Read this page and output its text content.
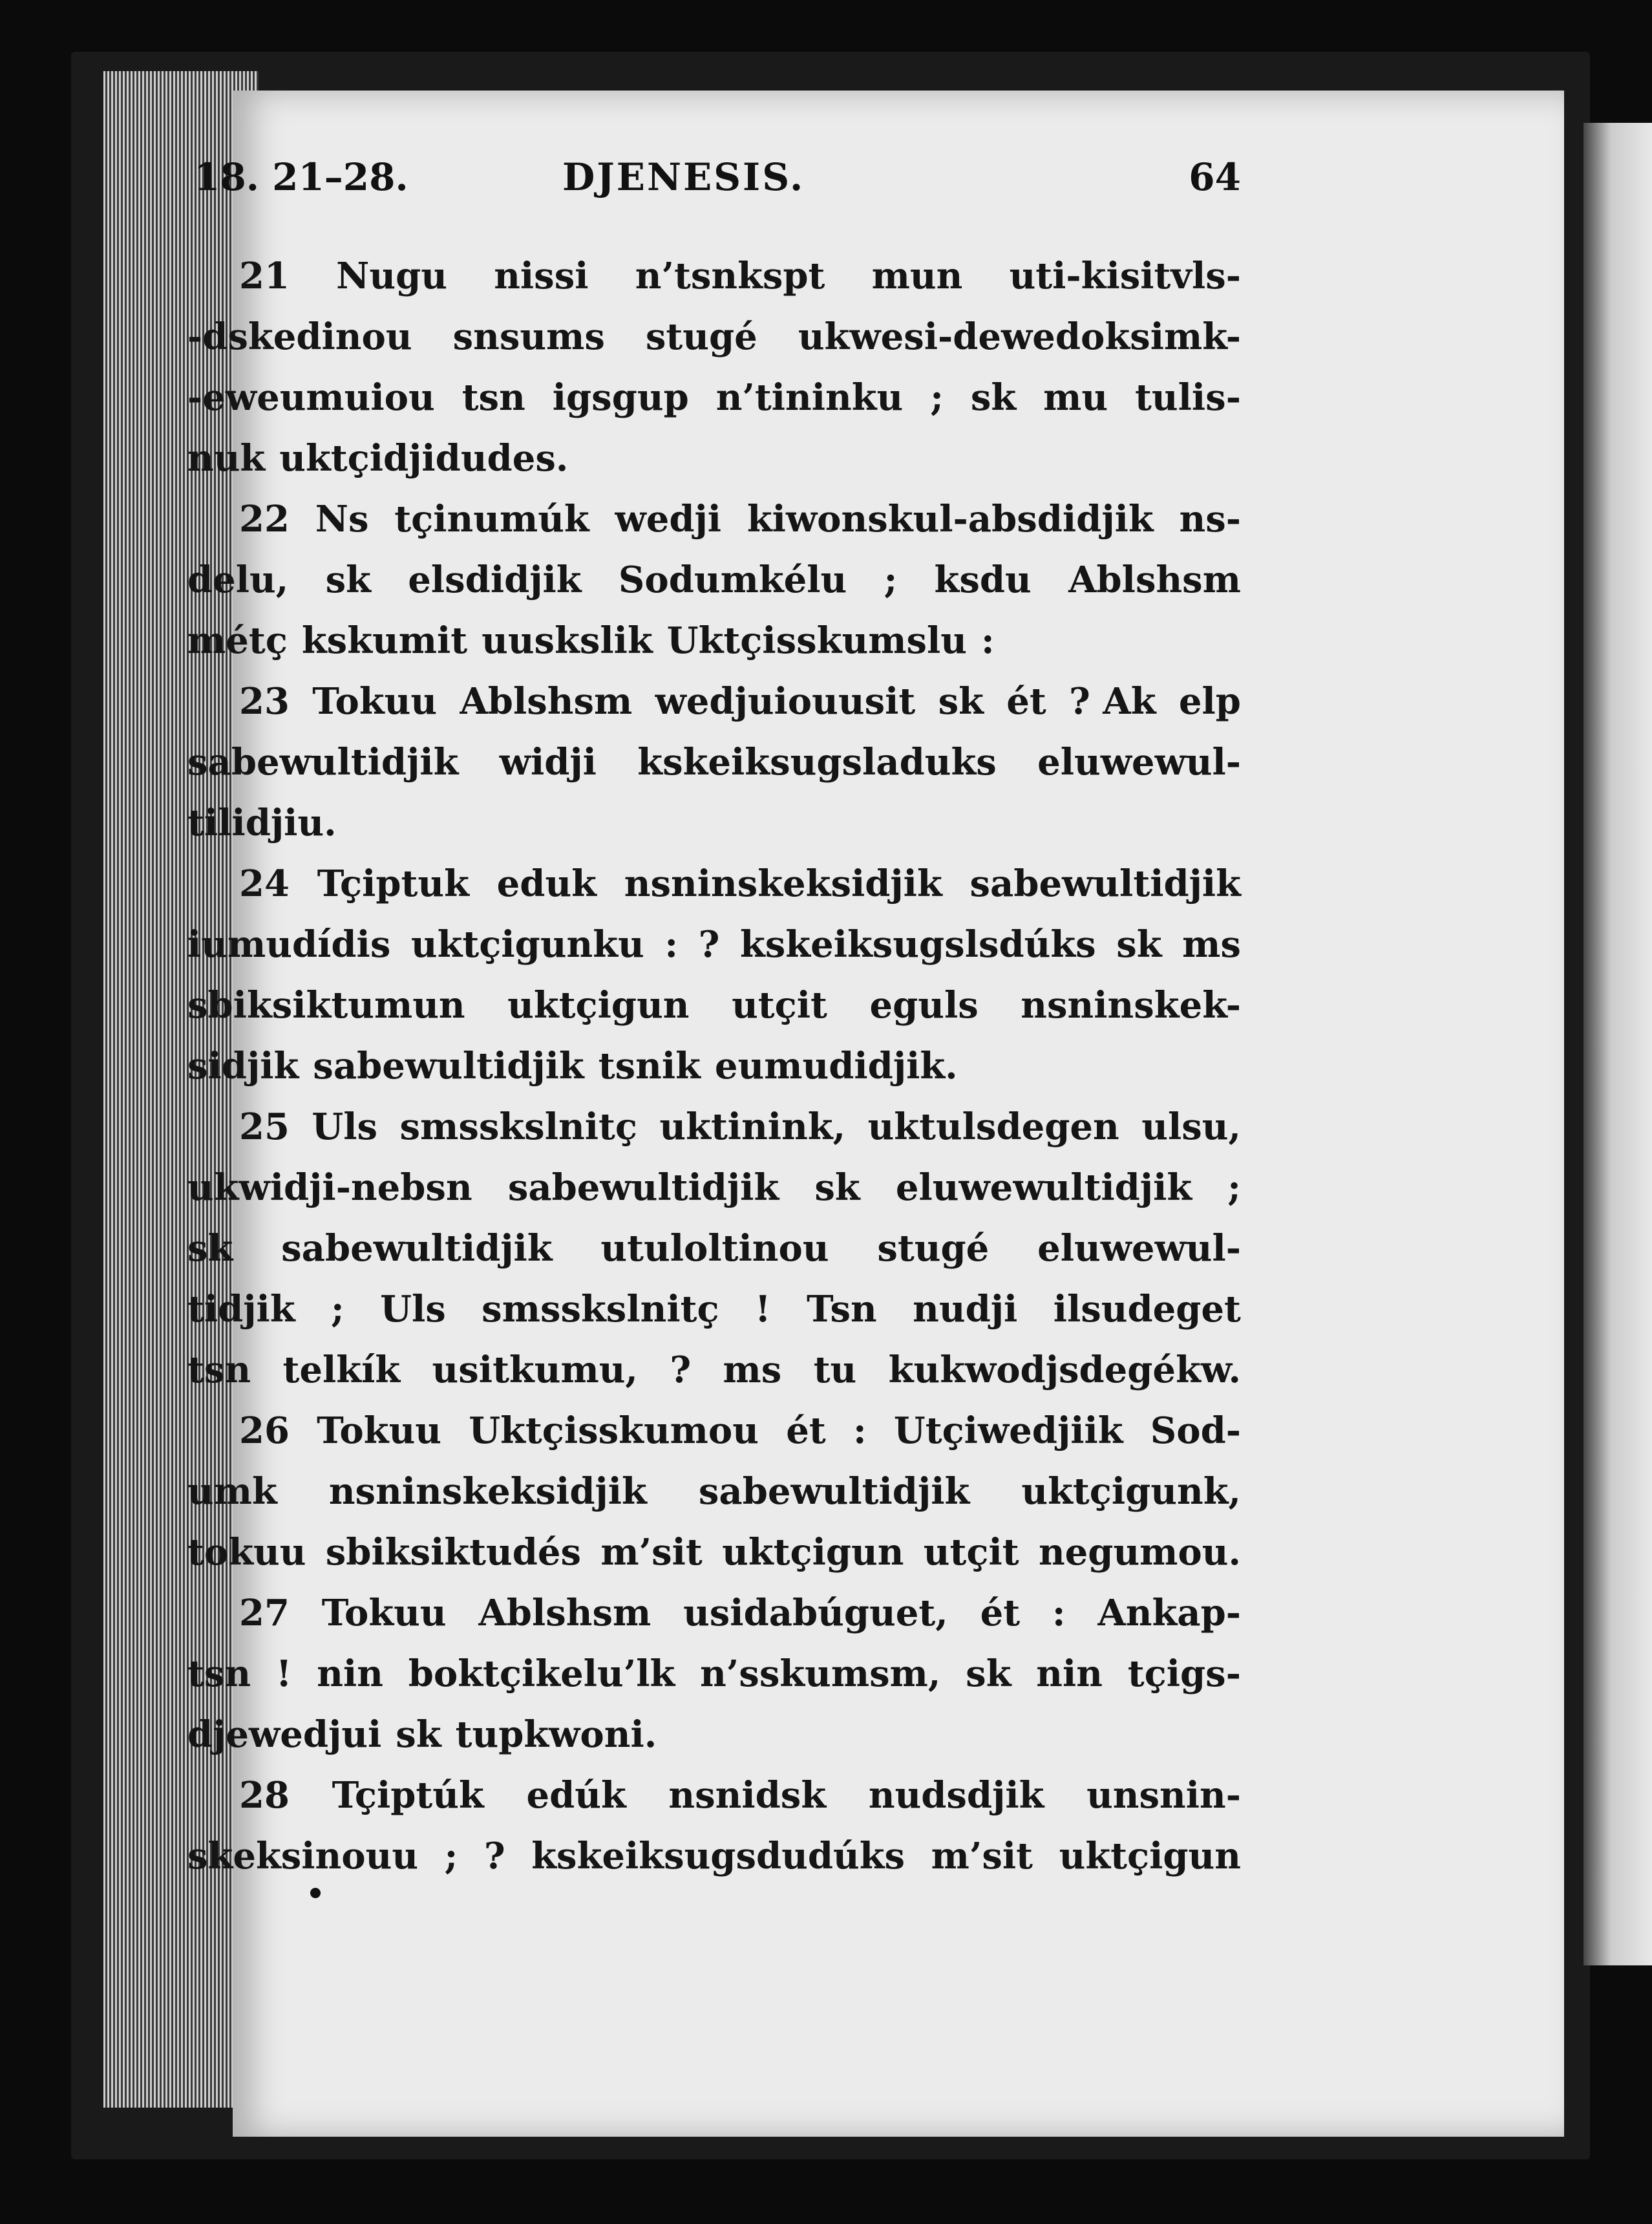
18. 21–28.	DJENESIS.	64
21 Nugu nissi n’tsnkspt mun uti-kisitvls-
-dskedinou snsums stugé ukwesi-dewedoksimk-
-eweumuiou tsn igsgup n’tininku ; sk mu tulis-
nuk uktçidjidudes.
22 Ns tçinumúk wedji kiwonskul-absdidjik ns-
delu, sk elsdidjik Sodumkélu ; ksdu Ablshsm
métç kskumit uuskslik Uktçisskumslu :
23 Tokuu Ablshsm wedjuiouusit sk ét ? Ak elp
sabewultidjik widji kskeiksugsladuks eluwewul-
tilidjiu.
24 Tçiptuk eduk nsninskeksidjik sabewultidjik
iumudídis uktçigunku : ? kskeiksugslsdúks sk ms
sbiksiktumun uktçigun utçit eguls nsninskek-
sidjik sabewultidjik tsnik eumudidjik.
25 Uls smsskslnitç uktinink, uktulsdegen ulsu,
ukwidji-nebsn sabewultidjik sk eluwewultidjik ;
sk sabewultidjik utuloltinou stugé eluwewul-
tidjik ; Uls smsskslnitç ! Tsn nudji ilsudeget
tsn telkík usitkumu, ? ms tu kukwodjsdegékw.
26 Tokuu Uktçisskumou ét : Utçiwedjiik Sod-
umk nsninskeksidjik sabewultidjik uktçigunk,
tokuu sbiksiktudés m’sit uktçigun utçit negumou.
27 Tokuu Ablshsm usidabúguet, ét : Ankap-
tsn ! nin boktçikelu’lk n’sskumsm, sk nin tçigs-
djewedjui sk tupkwoni.
28 Tçiptúk edúk nsnidsk nudsdjik unsnin-
skeksinouu ; ? kskeiksugsdudúks m’sit uktçigun
